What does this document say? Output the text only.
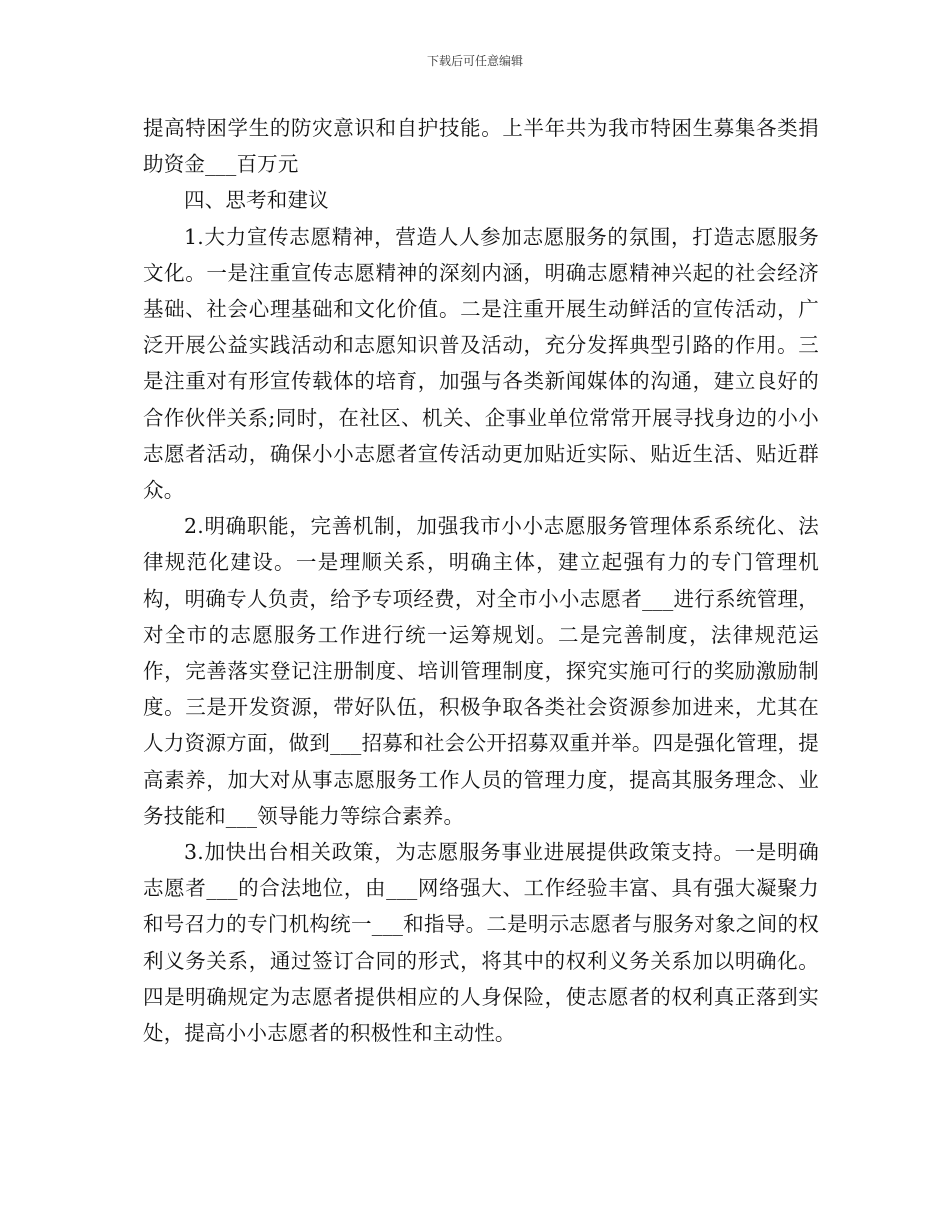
下载后可任意编辑

提高特困学生的防灾意识和自护技能。上半年共为我市特困生募集各类捐助资金___百万元

四、思考和建议

1.大力宣传志愿精神，营造人人参加志愿服务的氛围，打造志愿服务文化。一是注重宣传志愿精神的深刻内涵，明确志愿精神兴起的社会经济基础、社会心理基础和文化价值。二是注重开展生动鲜活的宣传活动，广泛开展公益实践活动和志愿知识普及活动，充分发挥典型引路的作用。三是注重对有形宣传载体的培育，加强与各类新闻媒体的沟通，建立良好的合作伙伴关系;同时，在社区、机关、企事业单位常常开展寻找身边的小小志愿者活动，确保小小志愿者宣传活动更加贴近实际、贴近生活、贴近群众。

2.明确职能，完善机制，加强我市小小志愿服务管理体系系统化、法律规范化建设。一是理顺关系，明确主体，建立起强有力的专门管理机构，明确专人负责，给予专项经费，对全市小小志愿者___进行系统管理，对全市的志愿服务工作进行统一运筹规划。二是完善制度，法律规范运作，完善落实登记注册制度、培训管理制度，探究实施可行的奖励激励制度。三是开发资源，带好队伍，积极争取各类社会资源参加进来，尤其在人力资源方面，做到___招募和社会公开招募双重并举。四是强化管理，提高素养，加大对从事志愿服务工作人员的管理力度，提高其服务理念、业务技能和___领导能力等综合素养。

3.加快出台相关政策，为志愿服务事业进展提供政策支持。一是明确志愿者___的合法地位，由___网络强大、工作经验丰富、具有强大凝聚力和号召力的专门机构统一___和指导。二是明示志愿者与服务对象之间的权利义务关系，通过签订合同的形式，将其中的权利义务关系加以明确化。四是明确规定为志愿者提供相应的人身保险，使志愿者的权利真正落到实处，提高小小志愿者的积极性和主动性。
